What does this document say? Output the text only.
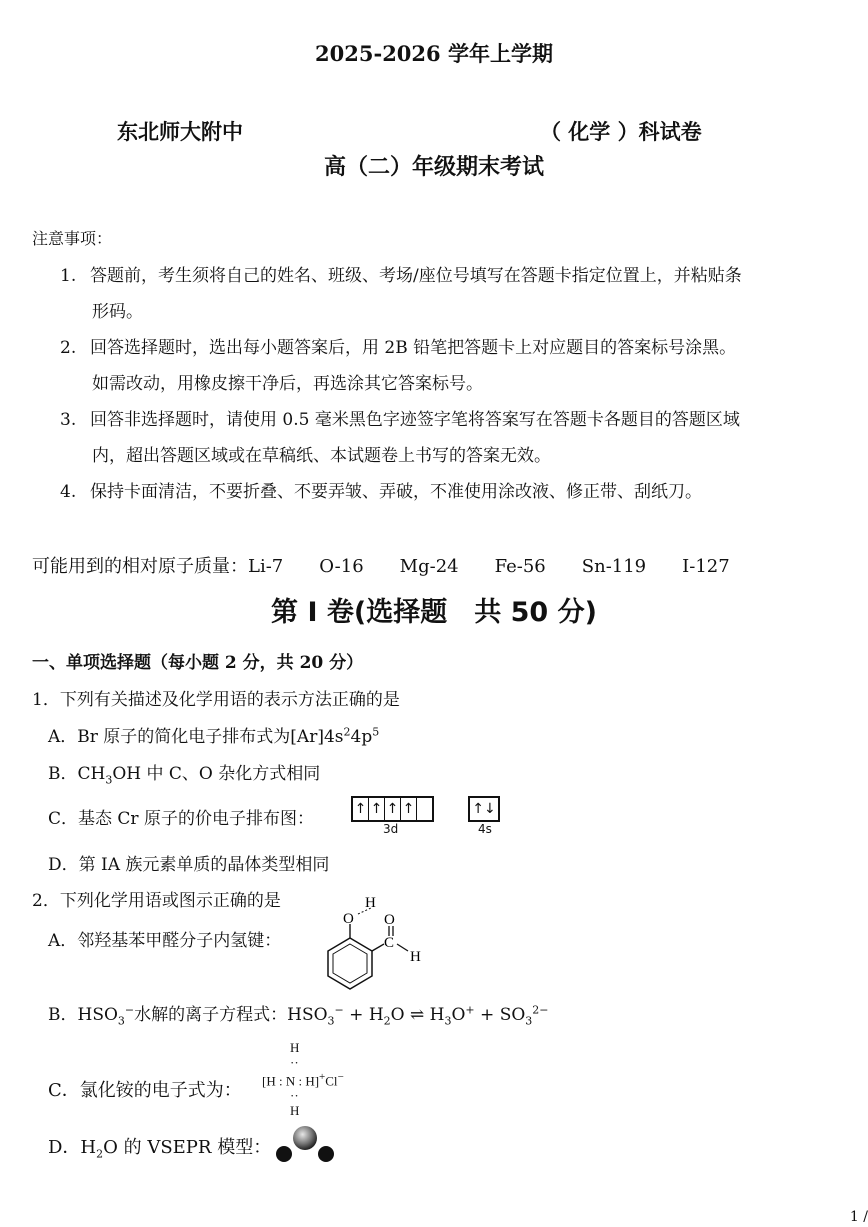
2025-2026 学年上学期
东北师大附中	（ 化学 ）科试卷
高（二）年级期末考试
注意事项：
1. 答题前，考生须将自己的姓名、班级、考场/座位号填写在答题卡指定位置上，并粘贴条
形码。
2. 回答选择题时，选出每小题答案后，用 2B 铅笔把答题卡上对应题目的答案标号涂黑。
如需改动，用橡皮擦干净后，再选涂其它答案标号。
3. 回答非选择题时，请使用 0.5 毫米黑色字迹签字笔将答案写在答题卡各题目的答题区域
内，超出答题区域或在草稿纸、本试题卷上书写的答案无效。
4. 保持卡面清洁，不要折叠、不要弄皱、弄破，不准使用涂改液、修正带、刮纸刀。
可能用到的相对原子质量：Li-7 O-16 Mg-24 Fe-56 Sn-119 I-127
第 I 卷(选择题　共 50 分)
一、单项选择题（每小题 2 分，共 20 分）
1．下列有关描述及化学用语的表示方法正确的是
A．Br 原子的简化电子排布式为$[Ar]4s^24p^5$
B．$CH_3OH$ 中 C、O 杂化方式相同
C．基态 Cr 原子的价电子排布图：	↑ ↑ ↑ ↑
3d
↑↓
4s
D．第 IA 族元素单质的晶体类型相同
2．下列化学用语或图示正确的是
A．邻羟基苯甲醛分子内氢键：
O
H
O
C
H
B．$HSO_3^-$水解的离子方程式：$HSO_3^- + H_2O$ ⇌ $H_3O^+ + SO_3^{2-}$
C．氯化铵的电子式为：
H
··
[H : N : H]+Cl−
··
H
D．$H_2O$ 的 VSEPR 模型：
1 /
